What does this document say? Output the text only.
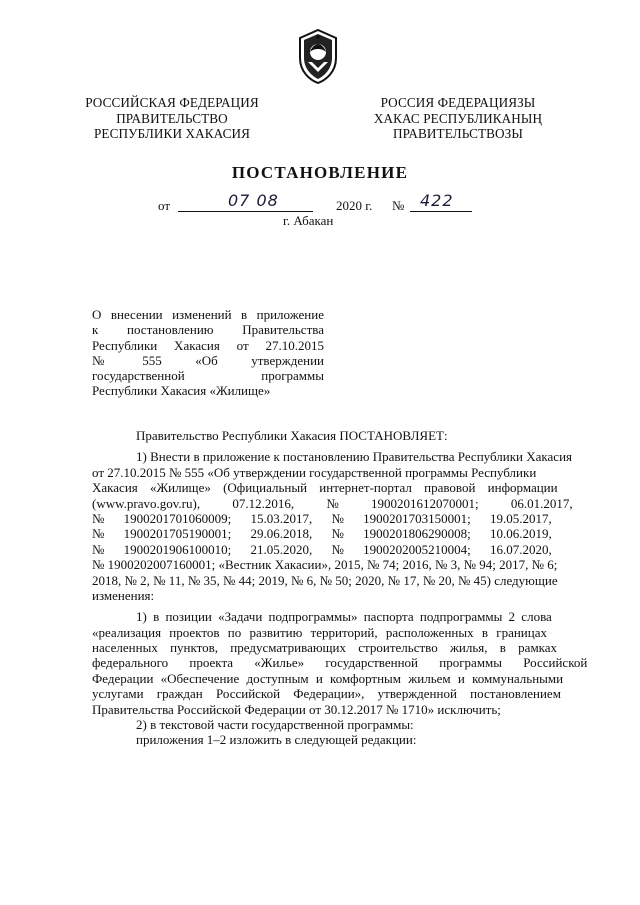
РОССИЙСКАЯ ФЕДЕРАЦИЯ
ПРАВИТЕЛЬСТВО
РЕСПУБЛИКИ ХАКАСИЯ
РОССИЯ ФЕДЕРАЦИЯЗЫ
ХАКАС РЕСПУБЛИКАНЫҢ
ПРАВИТЕЛЬСТВОЗЫ
ПОСТАНОВЛЕНИЕ
от	07 08	2020 г. № 422
г. Абакан
О внесении изменений в приложение
к постановлению Правительства
Республики Хакасия от 27.10.2015
№ 555 «Об утверждении
государственной программы
Республики Хакасия «Жилище»
Правительство Республики Хакасия ПОСТАНОВЛЯЕТ:
1) Внести в приложение к постановлению Правительства Республики Хакасия
от 27.10.2015 № 555 «Об утверждении государственной программы Республики
Хакасия «Жилище» (Официальный интернет-портал правовой информации
(www.pravo.gov.ru), 07.12.2016, № 1900201612070001; 06.01.2017,
№ 1900201701060009; 15.03.2017, № 1900201703150001; 19.05.2017,
№ 1900201705190001; 29.06.2018, № 1900201806290008; 10.06.2019,
№ 1900201906100010; 21.05.2020, № 1900202005210004; 16.07.2020,
№ 1900202007160001; «Вестник Хакасии», 2015, № 74; 2016, № 3, № 94; 2017, № 6;
2018, № 2, № 11, № 35, № 44; 2019, № 6, № 50; 2020, № 17, № 20, № 45) следующие
изменения:
1) в позиции «Задачи подпрограммы» паспорта подпрограммы 2 слова
«реализация проектов по развитию территорий, расположенных в границах
населенных пунктов, предусматривающих строительство жилья, в рамках
федерального проекта «Жилье» государственной программы Российской
Федерации «Обеспечение доступным и комфортным жильем и коммунальными
услугами граждан Российской Федерации», утвержденной постановлением
Правительства Российской Федерации от 30.12.2017 № 1710» исключить;
2) в текстовой части государственной программы:
приложения 1–2 изложить в следующей редакции:
